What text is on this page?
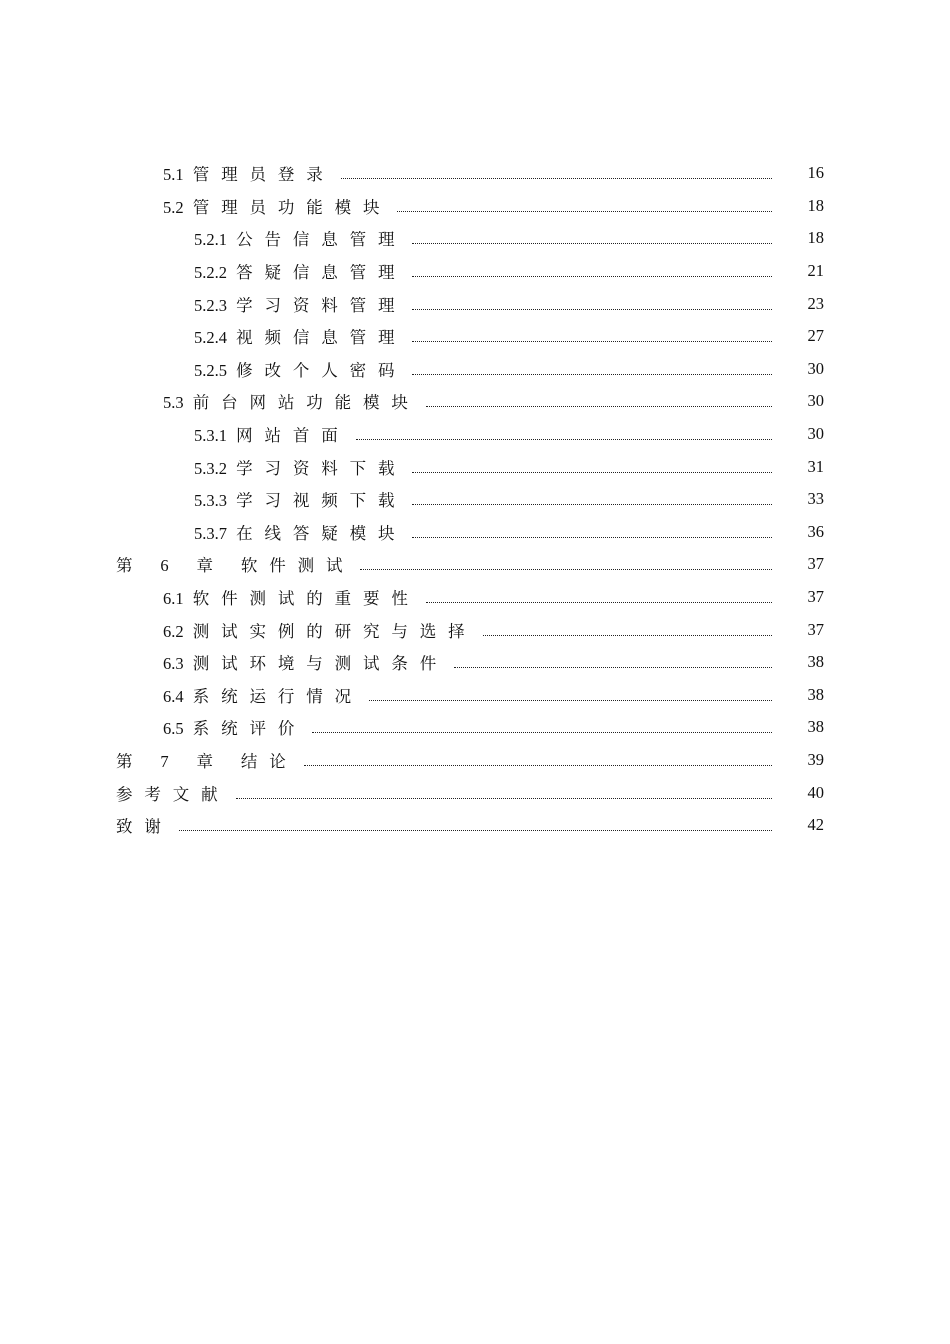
5.1 管理员登录	16
5.2 管理员功能模块	18
5.2.1 公告信息管理	18
5.2.2 答疑信息管理	21
5.2.3 学习资料管理	23
5.2.4 视频信息管理	27
5.2.5 修改个人密码	30
5.3 前台网站功能模块	30
5.3.1 网站首面	30
5.3.2 学习资料下载	31
5.3.3 学习视频下载	33
5.3.7 在线答疑模块	36
第 6 章 软件测试	37
6.1 软件测试的重要性	37
6.2 测试实例的研究与选择	37
6.3 测试环境与测试条件	38
6.4 系统运行情况	38
6.5 系统评价	38
第 7 章 结论	39
参考文献	40
致谢	42
